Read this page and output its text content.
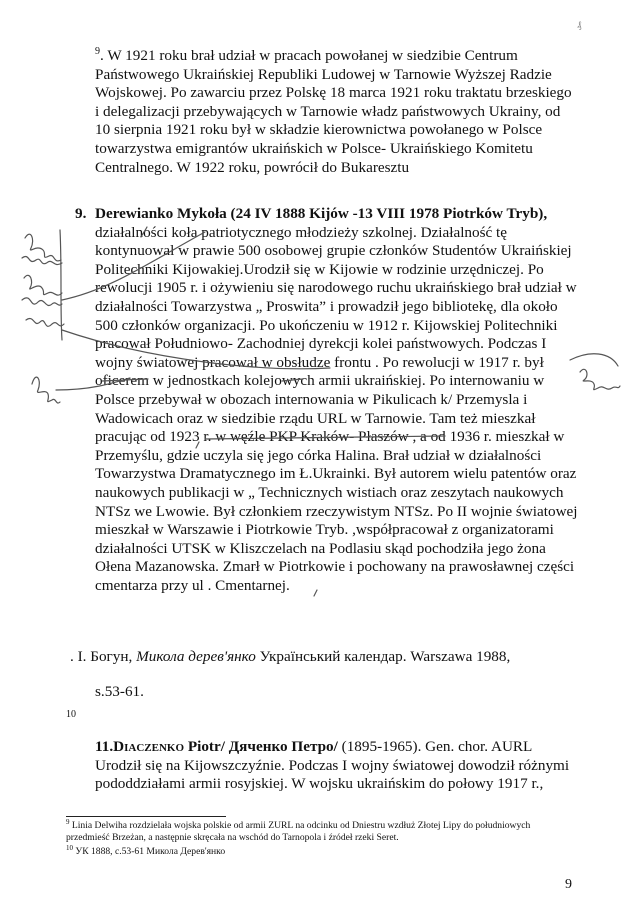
₰

$^9$. W 1921 roku brał udział w pracach powołanej w siedzibie Centrum Państwowego Ukraińskiej Republiki Ludowej w Tarnowie Wyższej Radzie Wojskowej. Po zawarciu przez Polskę 18 marca 1921 roku traktatu brzeskiego i delegalizacji przebywających w Tarnowie władz państwowych Ukrainy, od 10 sierpnia 1921 roku był w składzie kierownictwa powołanego w Polsce towarzystwa emigrantów ukraińskich w Polsce- Ukraińskiego Komitetu Centralnego. W 1922 roku, powrócił do Bukaresztu

9. Derewianko Mykoła (24 IV 1888 Kijów -13 VIII 1978 Piotrków Tryb), działalności koła patriotycznego młodzieży szkolnej. Działalność tę kontynuował w prawie 500 osobowej grupie członków Studentów Ukraińskiej Politechniki Kijowakiej.Urodził się w Kijowie w rodzinie urzędniczej. Po rewolucji 1905 r. i ożywieniu się narodowego ruchu ukraińskiego brał udział w działalności Towarzystwa „ Proswita” i prowadził jego bibliotekę, dla około 500 członków organizacji. Po ukończeniu w 1912 r. Kijowskiej Politechniki pracował Południowo- Zachodniej dyrekcji kolei państwowych. Podczas I wojny światowej pracował w obsłudze frontu . Po rewolucji w 1917 r. był oficerem w jednostkach kolejowych armii ukraińskiej. Po internowaniu w Polsce przebywał w obozach internowania w Pikulicach k/ Przemysla i Wadowicach oraz w siedzibie rządu URL w Tarnowie. Tam też mieszkał pracując od 1923 r. w węźle PKP Kraków- Płaszów , a od 1936 r. mieszkał w Przemyślu, gdzie uczyla się jego córka Halina. Brał udział w działalności Towarzystwa Dramatycznego im Ł.Ukrainki. Był autorem wielu patentów oraz naukowych publikacji w „ Technicznych wistiach oraz zeszytach naukowych NTSz we Lwowie. Był członkiem rzeczywistym NTSz. Po II wojnie światowej mieszkał w Warszawie i Piotrkowie Tryb. ,współpracował z organizatorami działalności UTSK w Kliszczelach na Podlasiu skąd pochodziła jego żona Ołena Mazanowska. Zmarł w Piotrkowie i pochowany na prawosławnej części cmentarza przy ul . Cmentarnej.

. І. Богун, Микола дерев'янко Український календар. Warszawa 1988,

s.53-61.

10

11.Diaczenko Piotr/ Дяченко Петро/ (1895-1965). Gen. chor. AURL Urodził się na Kijowszczyźnie. Podczas I wojny światowej dowodził różnymi pododdziałami armii rosyjskiej. W wojsku ukraińskim do połowy 1917 r.,

$^9$ Linia Delwiha rozdzielała wojska polskie od armii ZURL na odcinku od Dniestru wzdłuż Złotej Lipy do południowych przedmieść Brzeżan, a następnie skręcała na wschód do Tarnopola i źródeł rzeki Seret.

$^{10}$ УК 1888, с.53-61 Микола Дерев'янко

9
